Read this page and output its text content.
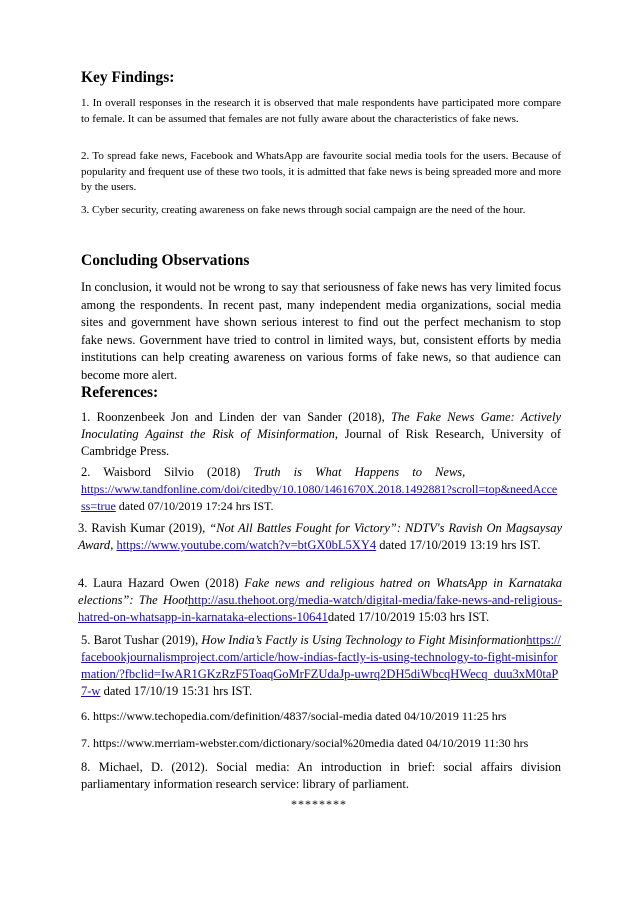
Key Findings:

1. In overall responses in the research it is observed that male respondents have participated more compare to female. It can be assumed that females are not fully aware about the characteristics of fake news.

2. To spread fake news, Facebook and WhatsApp are favourite social media tools for the users. Because of popularity and frequent use of these two tools, it is admitted that fake news is being spreaded more and more by the users.

3. Cyber security, creating awareness on fake news through social campaign are the need of the hour.

Concluding Observations

In conclusion, it would not be wrong to say that seriousness of fake news has very limited focus among the respondents. In recent past, many independent media organizations, social media sites and government have shown serious interest to find out the perfect mechanism to stop fake news. Government have tried to control in limited ways, but, consistent efforts by media institutions can help creating awareness on various forms of fake news, so that audience can become more alert.

References:

1. Roonzenbeek Jon and Linden der van Sander (2018), The Fake News Game: Actively Inoculating Against the Risk of Misinformation, Journal of Risk Research, University of Cambridge Press.

2. Waisbord Silvio (2018) Truth is What Happens to News,

https://www.tandfonline.com/doi/citedby/10.1080/1461670X.2018.1492881?scroll=top&needAccess=true dated 07/10/2019 17:24 hrs IST.

3. Ravish Kumar (2019), “Not All Battles Fought for Victory”: NDTV's Ravish On Magsaysay Award, https://www.youtube.com/watch?v=btGX0bL5XY4 dated 17/10/2019 13:19 hrs IST.

4. Laura Hazard Owen (2018) Fake news and religious hatred on WhatsApp in Karnataka elections”: The Hoothttp://asu.thehoot.org/media-watch/digital-media/fake-news-and-religious-hatred-on-whatsapp-in-karnataka-elections-10641dated 17/10/2019 15:03 hrs IST.

5. Barot Tushar (2019), How India’s Factly is Using Technology to Fight Misinformationhttps://facebookjournalismproject.com/article/how-indias-factly-is-using-technology-to-fight-misinformation/?fbclid=IwAR1GKzRzF5ToaqGoMrFZUdaJp-uwrq2DH5diWbcqHWecq_duu3xM0taP7-w dated 17/10/19 15:31 hrs IST.

6. https://www.techopedia.com/definition/4837/social-media dated 04/10/2019 11:25 hrs

7. https://www.merriam-webster.com/dictionary/social%20media dated 04/10/2019 11:30 hrs

8. Michael, D. (2012). Social media: An introduction in brief: social affairs division parliamentary information research service: library of parliament.

********
